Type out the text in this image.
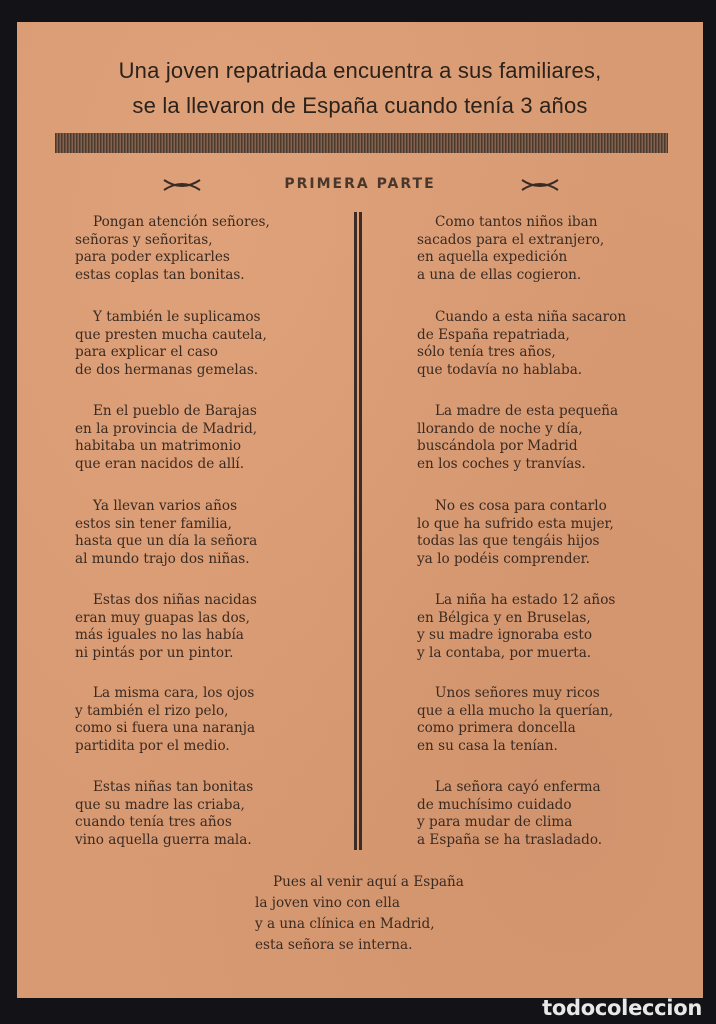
Una joven repatriada encuentra a sus familiares,
se la llevaron de España cuando tenía 3 años
PRIMERA PARTE
Pongan atención señores,
señoras y señoritas,
para poder explicarles
estas coplas tan bonitas.
Y también le suplicamos
que presten mucha cautela,
para explicar el caso
de dos hermanas gemelas.
En el pueblo de Barajas
en la provincia de Madrid,
habitaba un matrimonio
que eran nacidos de allí.
Ya llevan varios años
estos sin tener familia,
hasta que un día la señora
al mundo trajo dos niñas.
Estas dos niñas nacidas
eran muy guapas las dos,
más iguales no las había
ni pintás por un pintor.
La misma cara, los ojos
y también el rizo pelo,
como si fuera una naranja
partidita por el medio.
Estas niñas tan bonitas
que su madre las criaba,
cuando tenía tres años
vino aquella guerra mala.
Como tantos niños iban
sacados para el extranjero,
en aquella expedición
a una de ellas cogieron.
Cuando a esta niña sacaron
de España repatriada,
sólo tenía tres años,
que todavía no hablaba.
La madre de esta pequeña
llorando de noche y día,
buscándola por Madrid
en los coches y tranvías.
No es cosa para contarlo
lo que ha sufrido esta mujer,
todas las que tengáis hijos
ya lo podéis comprender.
La niña ha estado 12 años
en Bélgica y en Bruselas,
y su madre ignoraba esto
y la contaba, por muerta.
Unos señores muy ricos
que a ella mucho la querían,
como primera doncella
en su casa la tenían.
La señora cayó enferma
de muchísimo cuidado
y para mudar de clima
a España se ha trasladado.
Pues al venir aquí a España
la joven vino con ella
y a una clínica en Madrid,
esta señora se interna.
todocoleccion
